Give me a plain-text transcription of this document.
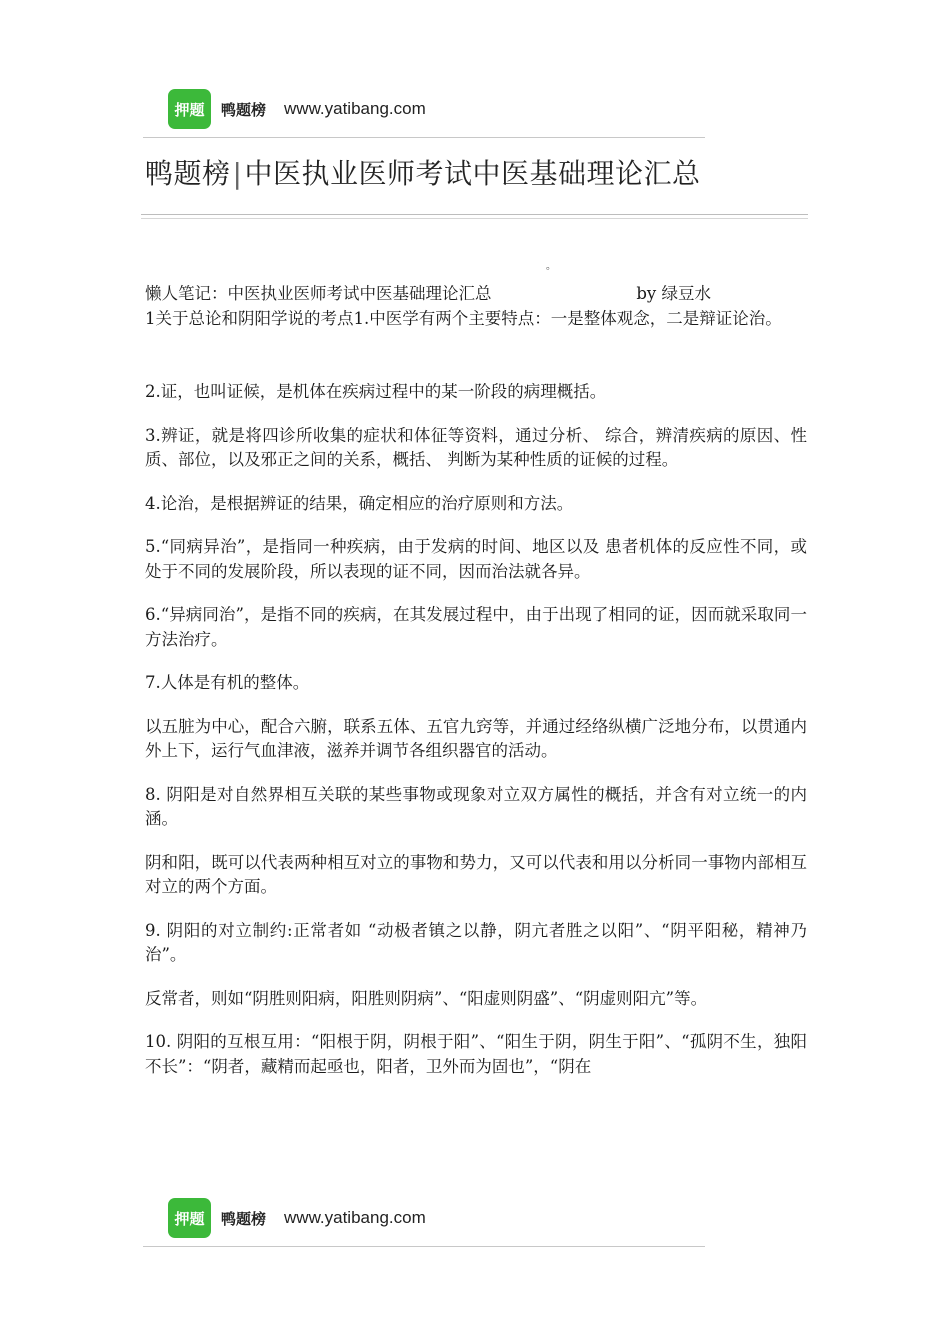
押题	鸭题榜 www.yatibang.com
鸭题榜|中医执业医师考试中医基础理论汇总
。
懒人笔记：中医执业医师考试中医基础理论汇总	by 绿豆水

1关于总论和阴阳学说的考点1.中医学有两个主要特点：一是整体观念，二是辩证论治。

2.证，也叫证候，是机体在疾病过程中的某一阶段的病理概括。

3.辨证，就是将四诊所收集的症状和体征等资料，通过分析、 综合，辨清疾病的原因、性质、部位，以及邪正之间的关系，概括、 判断为某种性质的证候的过程。

4.论治，是根据辨证的结果，确定相应的治疗原则和方法。

5.“同病异治”，是指同一种疾病，由于发病的时间、地区以及 患者机体的反应性不同，或处于不同的发展阶段，所以表现的证不同，因而治法就各异。

6.“异病同治”，是指不同的疾病，在其发展过程中，由于出现了相同的证，因而就采取同一方法治疗。

7.人体是有机的整体。

以五脏为中心，配合六腑，联系五体、五官九窍等，并通过经络纵横广泛地分布，以贯通内外上下，运行气血津液，滋养并调节各组织器官的活动。

8. 阴阳是对自然界相互关联的某些事物或现象对立双方属性的概括，并含有对立统一的内涵。

阴和阳，既可以代表两种相互对立的事物和势力，又可以代表和用以分析同一事物内部相互对立的两个方面。

9. 阴阳的对立制约:正常者如 “动极者镇之以静，阴亢者胜之以阳”、“阴平阳秘，精神乃治”。

反常者，则如“阴胜则阳病，阳胜则阴病”、“阳虚则阴盛”、“阴虚则阳亢”等。

10. 阴阳的互根互用：“阳根于阴，阴根于阳”、“阳生于阴，阴生于阳”、“孤阴不生，独阳不长”：“阴者，藏精而起亟也，阳者，卫外而为固也”，“阴在

押题	鸭题榜 www.yatibang.com
